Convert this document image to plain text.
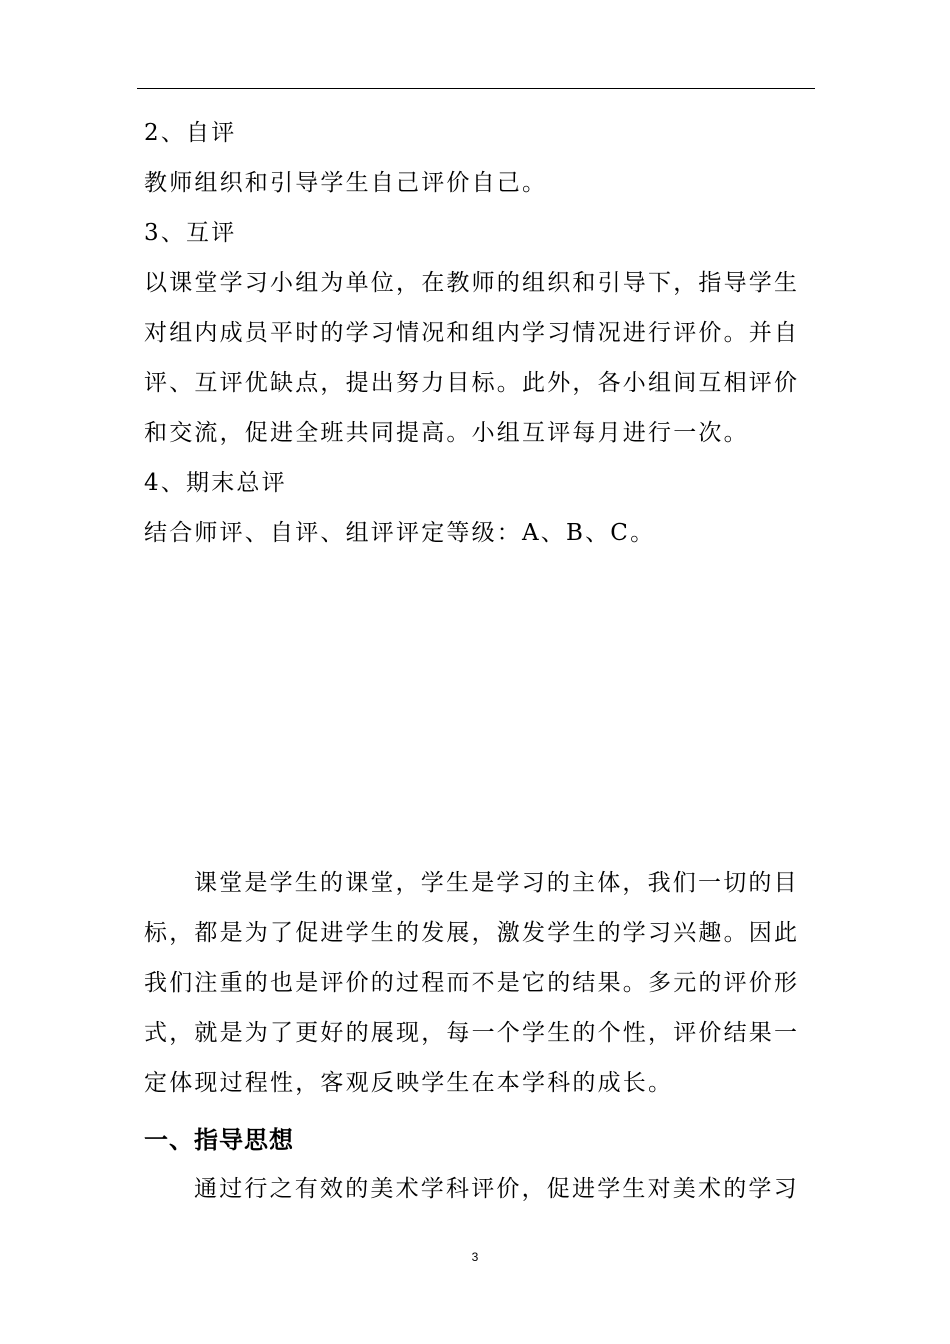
2、自评

教师组织和引导学生自己评价自己。

3、互评

以课堂学习小组为单位，在教师的组织和引导下，指导学生
对组内成员平时的学习情况和组内学习情况进行评价。并自
评、互评优缺点，提出努力目标。此外，各小组间互相评价
和交流，促进全班共同提高。小组互评每月进行一次。

4、期末总评

结合师评、自评、组评评定等级：A、B、C。

课堂是学生的课堂，学生是学习的主体，我们一切的目
标，都是为了促进学生的发展，激发学生的学习兴趣。因此
我们注重的也是评价的过程而不是它的结果。多元的评价形
式，就是为了更好的展现，每一个学生的个性，评价结果一
定体现过程性，客观反映学生在本学科的成长。

一、指导思想

通过行之有效的美术学科评价，促进学生对美术的学习

3
